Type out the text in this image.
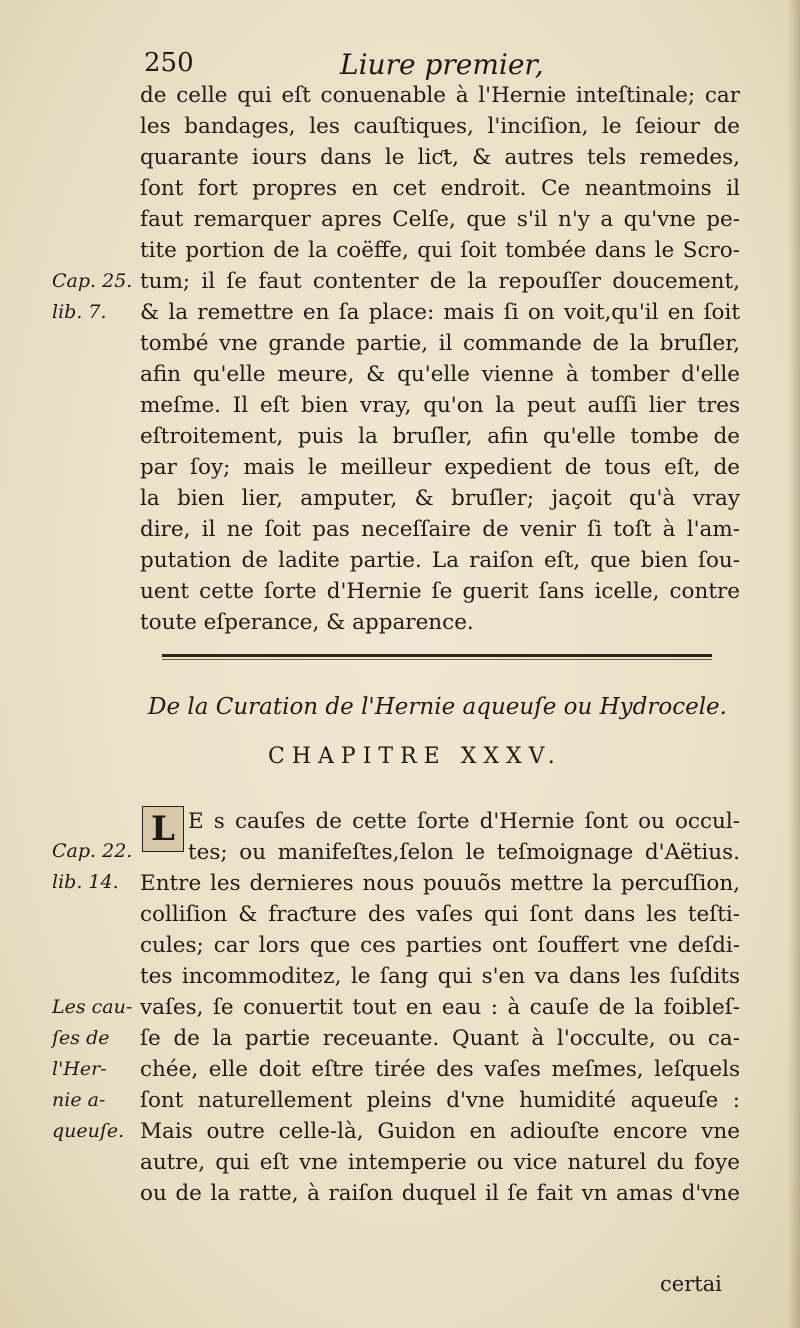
250	Liure premier,
de celle qui eſt conuenable à l'Hernie inteſtinale; car
les bandages, les cauſtiques, l'inciſion, le ſeiour de
quarante iours dans le liƈt, & autres tels remedes,
ſont fort propres en cet endroit. Ce neantmoins il
faut remarquer apres Celſe, que s'il n'y a qu'vne pe-
tite portion de la coëffe, qui ſoit tombée dans le Scro-
tum; il ſe faut contenter de la repouſſer doucement,
& la remettre en ſa place: mais ſi on voit,qu'il en ſoit
tombé vne grande partie, il commande de la bruſler,
afin qu'elle meure, & qu'elle vienne à tomber d'elle
meſme. Il eſt bien vray, qu'on la peut auſſi lier tres
eſtroitement, puis la bruſler, afin qu'elle tombe de
par ſoy; mais le meilleur expedient de tous eſt, de
la bien lier, amputer, & bruſler; jaçoit qu'à vray
dire, il ne ſoit pas neceſſaire de venir ſi toſt à l'am-
putation de ladite partie. La raiſon eſt, que bien ſou-
uent cette ſorte d'Hernie ſe guerit ſans icelle, contre
toute eſperance, & apparence.
De la Curation de l'Hernie aqueuſe ou Hydrocele.
CHAPITRE XXXV.
L E s cauſes de cette ſorte d'Hernie ſont ou occul-
tes; ou manifeſtes,ſelon le teſmoignage d'Aëtius.
Entre les dernieres nous pouuõs mettre la percuſſion,
colliſion & fraƈture des vaſes qui ſont dans les teſti-
cules; car lors que ces parties ont ſouffert vne deſdi-
tes incommoditez, le ſang qui s'en va dans les ſuſdits
vaſes, ſe conuertit tout en eau : à cauſe de la foibleſ-
ſe de la partie receuante. Quant à l'occulte, ou ca-
chée, elle doit eſtre tirée des vaſes meſmes, leſquels
ſont naturellement pleins d'vne humidité aqueuſe :
Mais outre celle-là, Guidon en adiouſte encore vne
autre, qui eſt vne intemperie ou vice naturel du foye
ou de la ratte, à raiſon duquel il ſe fait vn amas d'vne
certai
Cap. 25.
lib. 7.
Cap. 22.
lib. 14.
Les cau-
ſes de
l'Her-
nie a-
queuſe.
